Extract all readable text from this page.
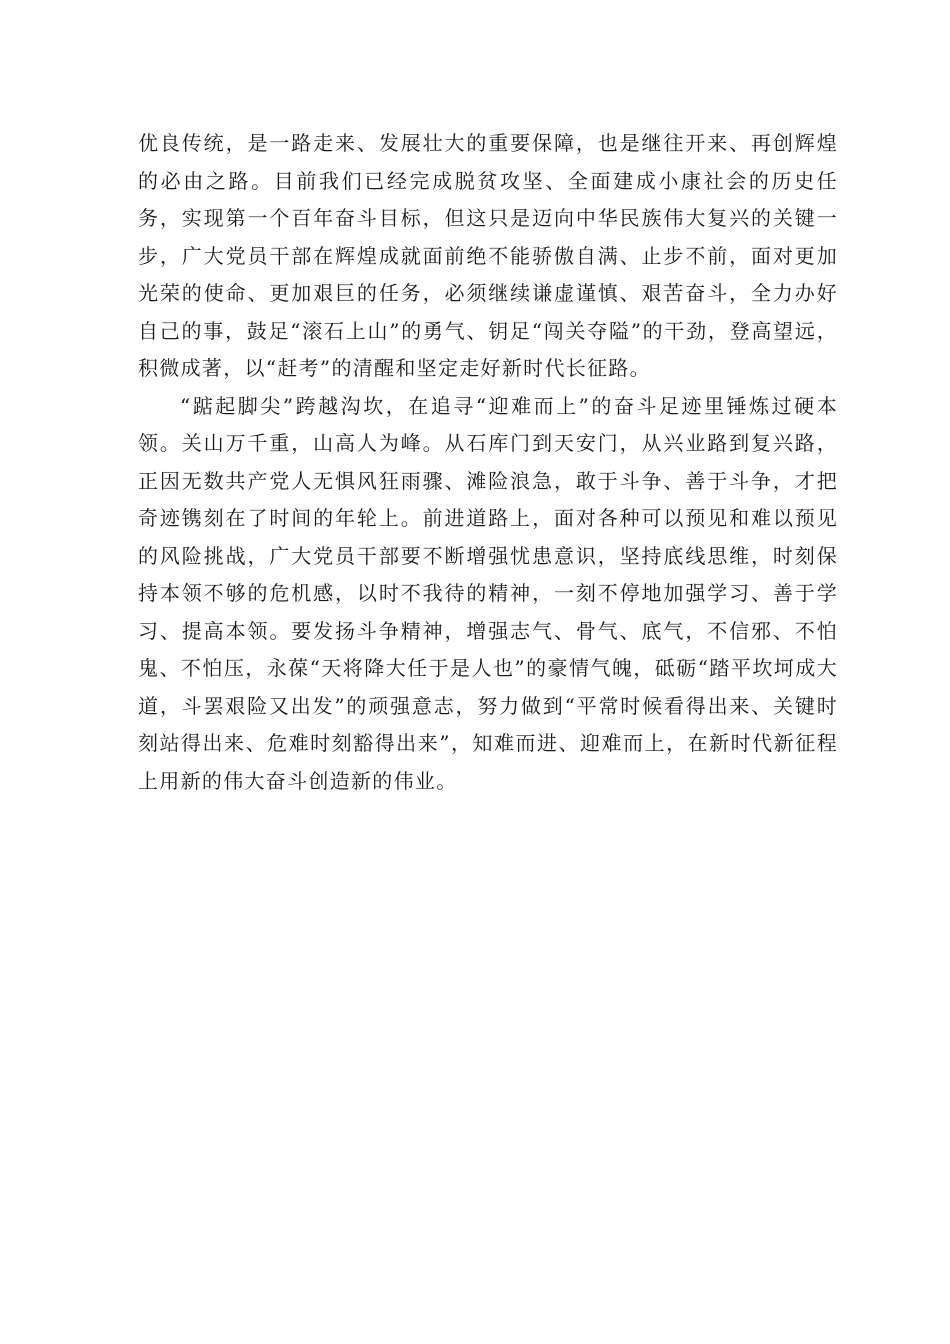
优良传统，是一路走来、发展壮大的重要保障，也是继往开来、再创辉煌的必由之路。目前我们已经完成脱贫攻坚、全面建成小康社会的历史任务，实现第一个百年奋斗目标，但这只是迈向中华民族伟大复兴的关键一步，广大党员干部在辉煌成就面前绝不能骄傲自满、止步不前，面对更加光荣的使命、更加艰巨的任务，必须继续谦虚谨慎、艰苦奋斗，全力办好自己的事，鼓足“滚石上山”的勇气、钥足“闯关夺隘”的干劲，登高望远，积微成著，以“赶考”的清醒和坚定走好新时代长征路。

“踮起脚尖”跨越沟坎，在追寻“迎难而上”的奋斗足迹里锤炼过硬本领。关山万千重，山高人为峰。从石库门到天安门，从兴业路到复兴路，正因无数共产党人无惧风狂雨骤、滩险浪急，敢于斗争、善于斗争，才把奇迹镌刻在了时间的年轮上。前进道路上，面对各种可以预见和难以预见的风险挑战，广大党员干部要不断增强忧患意识，坚持底线思维，时刻保持本领不够的危机感，以时不我待的精神，一刻不停地加强学习、善于学习、提高本领。要发扬斗争精神，增强志气、骨气、底气，不信邪、不怕鬼、不怕压，永葆“天将降大任于是人也”的豪情气魄，砥砺“踏平坎坷成大道，斗罢艰险又出发”的顽强意志，努力做到“平常时候看得出来、关键时刻站得出来、危难时刻豁得出来”，知难而进、迎难而上，在新时代新征程上用新的伟大奋斗创造新的伟业。
